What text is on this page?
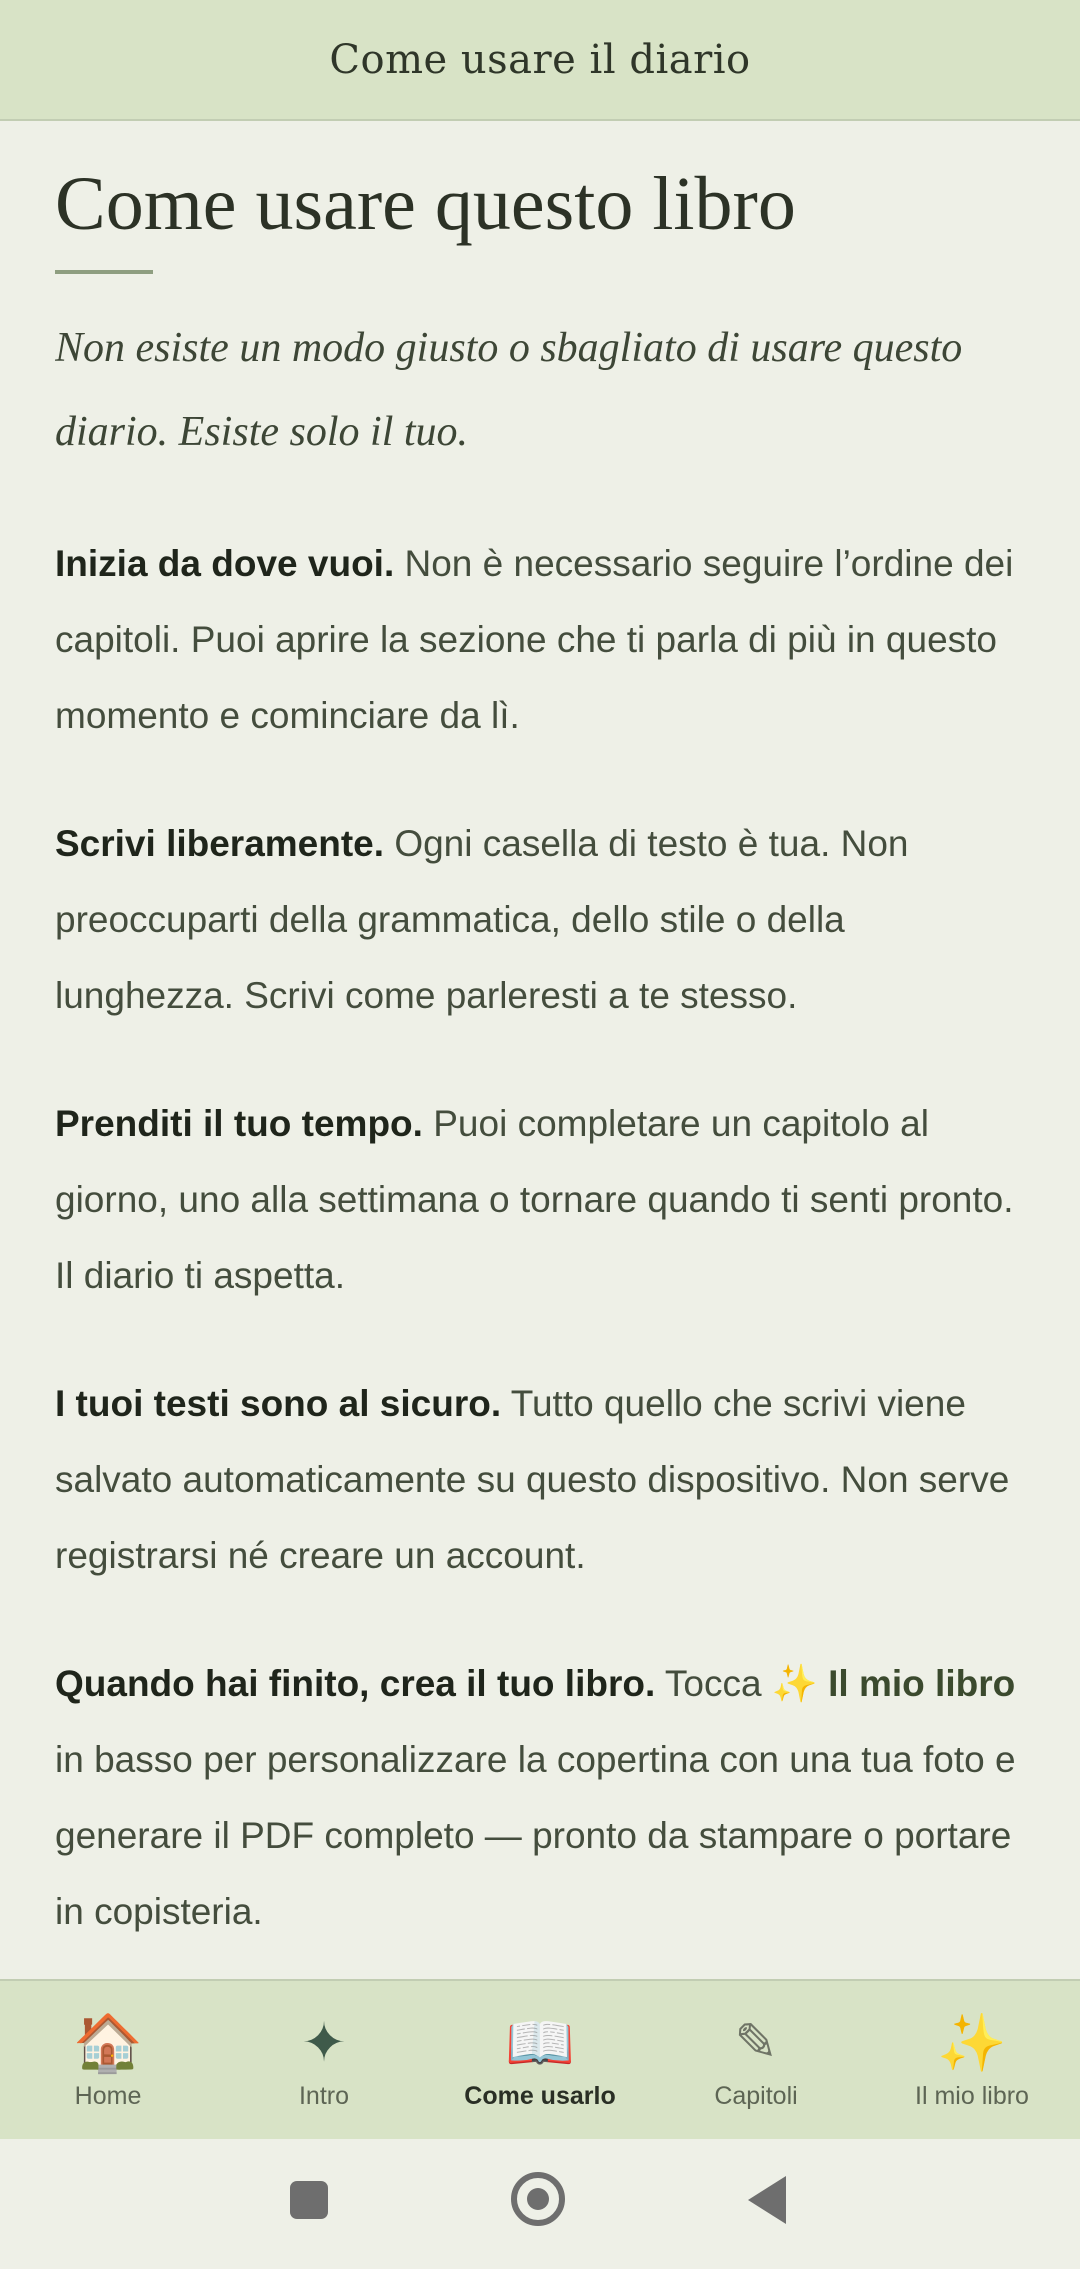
Come usare il diario
Come usare questo libro

Non esiste un modo giusto o sbagliato di usare questo diario. Esiste solo il tuo.

Inizia da dove vuoi. Non è necessario seguire l’ordine dei capitoli. Puoi aprire la sezione che ti parla di più in questo momento e cominciare da lì.

Scrivi liberamente. Ogni casella di testo è tua. Non preoccuparti della grammatica, dello stile o della lunghezza. Scrivi come parleresti a te stesso.

Prenditi il tuo tempo. Puoi completare un capitolo al giorno, uno alla settimana o tornare quando ti senti pronto. Il diario ti aspetta.

I tuoi testi sono al sicuro. Tutto quello che scrivi viene salvato automaticamente su questo dispositivo. Non serve registrarsi né creare un account.

Quando hai finito, crea il tuo libro. Tocca ✨ Il mio libro in basso per personalizzare la copertina con una tua foto e generare il PDF completo — pronto da stampare o portare in copisteria.

🏠
Home
✦
Intro
📖
Come usarlo
✎
Capitoli
✨
Il mio libro
